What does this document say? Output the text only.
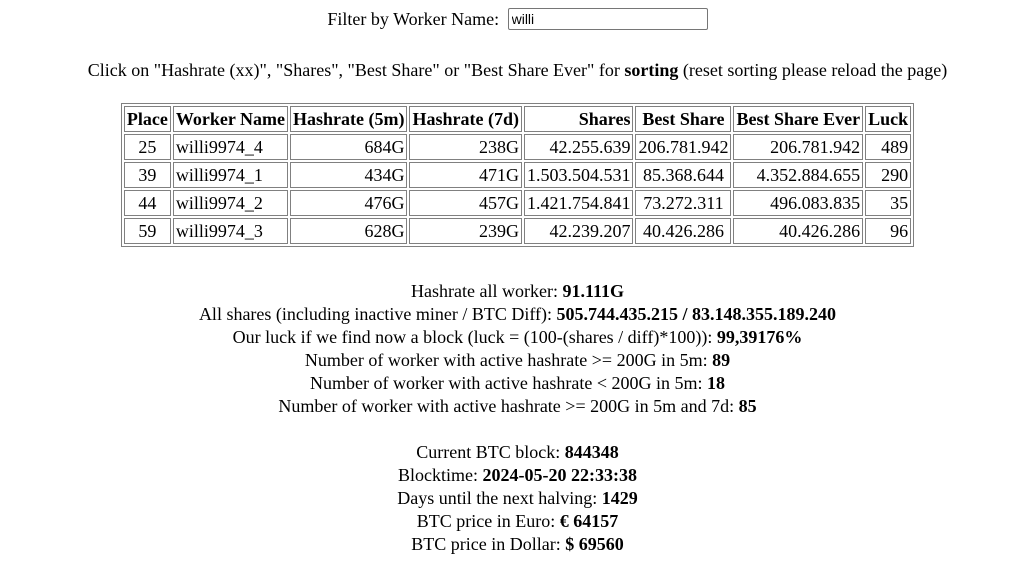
Filter by Worker Name: willi
Click on "Hashrate (xx)", "Shares", "Best Share" or "Best Share Ever" for sorting (reset sorting please reload the page)
Place	Worker Name	Hashrate (5m)	Hashrate (7d)	Shares	Best Share	Best Share Ever	Luck
25	willi9974_4	684G	238G	42.255.639	206.781.942	206.781.942	489
39	willi9974_1	434G	471G	1.503.504.531	85.368.644	4.352.884.655	290
44	willi9974_2	476G	457G	1.421.754.841	73.272.311	496.083.835	35
59	willi9974_3	628G	239G	42.239.207	40.426.286	40.426.286	96
Hashrate all worker: 91.111G
All shares (including inactive miner / BTC Diff): 505.744.435.215 / 83.148.355.189.240
Our luck if we find now a block (luck = (100-(shares / diff)*100)): 99,39176%
Number of worker with active hashrate >= 200G in 5m: 89
Number of worker with active hashrate < 200G in 5m: 18
Number of worker with active hashrate >= 200G in 5m and 7d: 85
Current BTC block: 844348
Blocktime: 2024-05-20 22:33:38
Days until the next halving: 1429
BTC price in Euro: € 64157
BTC price in Dollar: $ 69560
